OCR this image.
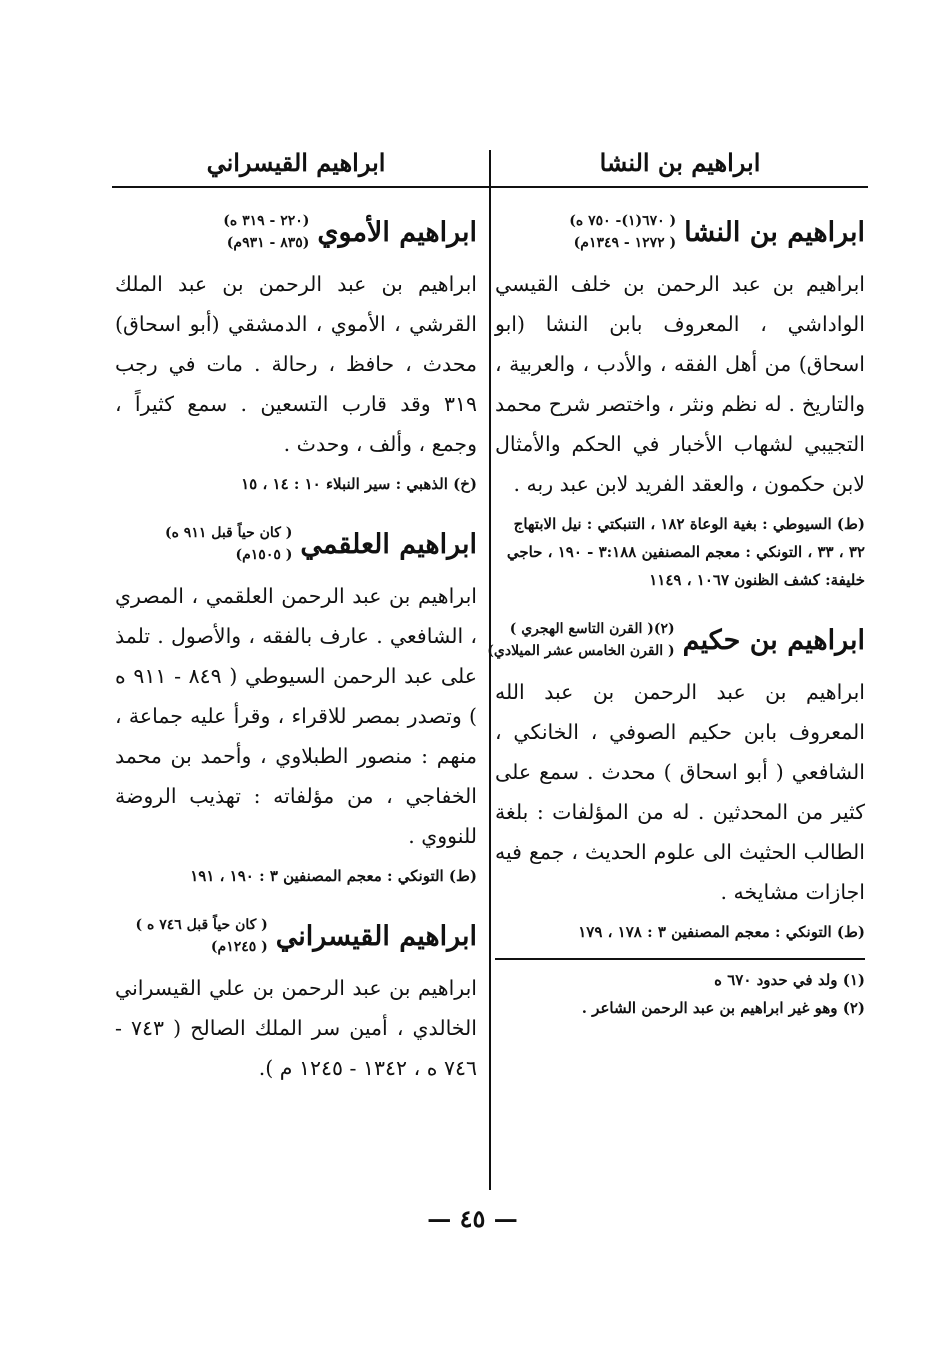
ابراهيم بن النشا
ابراهيم بن النشا
( ٦٧٠(١)- ٧٥٠ ه)
( ١٢٧٢ - ١٣٤٩م)

ابراهيم بن عبد الرحمن بن خلف القيسي الواداشي ، المعروف بابن النشا (ابو اسحاق) من أهل الفقه ، والأدب ، والعربية ، والتاريخ . له نظم ونثر ، واختصر شرح محمد التجيبي لشهاب الأخبار في الحكم والأمثال لابن حكمون ، والعقد الفريد لابن عبد ربه .

(ط) السيوطي : بغية الوعاة ١٨٢ ، التنبكتي : نيل الابتهاج ٣٢ ، ٣٣ ، التونكي : معجم المصنفين ٣:١٨٨ - ١٩٠ ، حاجي خليفة: كشف الظنون ١٠٦٧ ، ١١٤٩
ابراهيم بن حكيم
(٢)( القرن التاسع الهجري )
( القرن الخامس عشر الميلادي)

ابراهيم بن عبد الرحمن بن عبد الله المعروف بابن حكيم الصوفي ، الخانكي ، الشافعي ( أبو اسحاق ) محدث . سمع على كثير من المحدثين . له من المؤلفات : بلغة الطالب الحثيث الى علوم الحديث ، جمع فيه اجازات مشايخه .

(ط) التونكي : معجم المصنفين ٣ : ١٧٨ ، ١٧٩
(١) ولد في حدود ٦٧٠ ه
(٢) وهو غير ابراهيم بن عبد الرحمن الشاعر .
ابراهيم القيسراني
ابراهيم الأموي
(٢٢٠ - ٣١٩ ه)
(٨٣٥ - ٩٣١م)

ابراهيم بن عبد الرحمن بن عبد الملك القرشي ، الأموي ، الدمشقي (أبو اسحاق) محدث ، حافظ ، رحالة . مات في رجب ٣١٩ وقد قارب التسعين . سمع كثيراً ، وجمع ، وألف ، وحدث .

(خ) الذهبي : سير النبلاء ١٠ : ١٤ ، ١٥
ابراهيم العلقمي
( كان حياً قبل ٩١١ ه)
( ١٥٠٥م)

ابراهيم بن عبد الرحمن العلقمي ، المصري ، الشافعي . عارف بالفقه ، والأصول . تلمذ على عبد الرحمن السيوطي ( ٨٤٩ - ٩١١ ه ) وتصدر بمصر للاقراء ، وقرأ عليه جماعة ، منهم : منصور الطبلاوي ، وأحمد بن محمد الخفاجي ، من مؤلفاته : تهذيب الروضة للنووي .

(ط) التونكي : معجم المصنفين ٣ : ١٩٠ ، ١٩١
ابراهيم القيسراني
( كان حياً قبل ٧٤٦ ه )
( ١٢٤٥م)

ابراهيم بن عبد الرحمن بن علي القيسراني الخالدي ، أمين سر الملك الصالح ( ٧٤٣ - ٧٤٦ ه ، ١٣٤٢ - ١٢٤٥ م ).

— ٤٥ —
